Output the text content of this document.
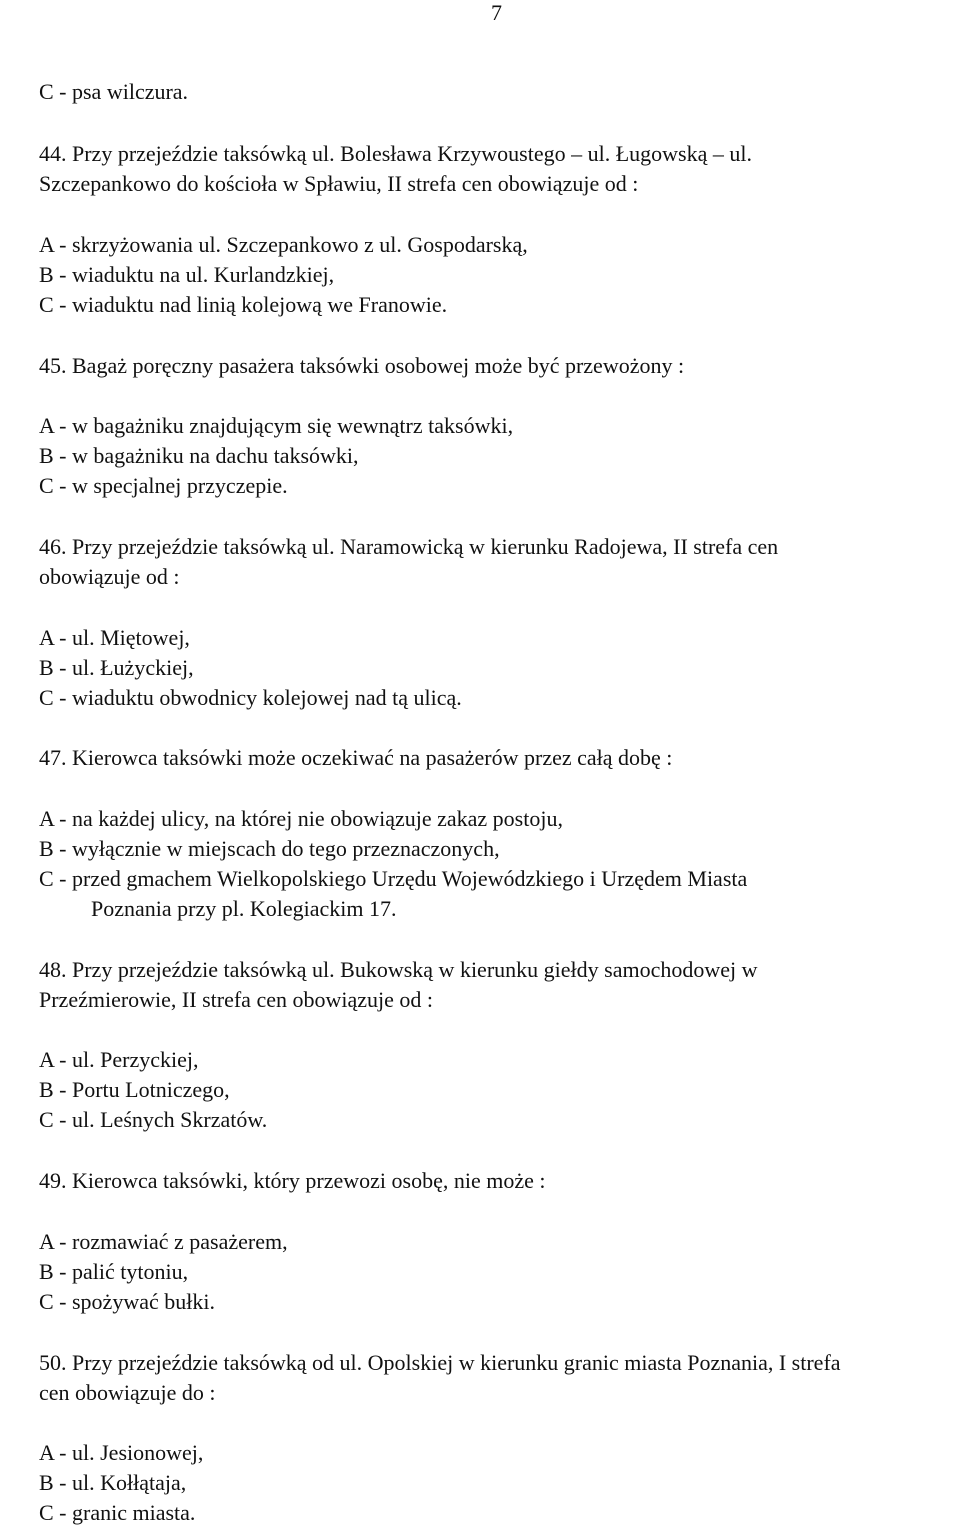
7
C - psa wilczura.
44. Przy przejeździe taksówką ul. Bolesława Krzywoustego – ul. Ługowską – ul.
Szczepankowo do kościoła w Spławiu, II strefa cen obowiązuje od :
A - skrzyżowania ul. Szczepankowo z ul. Gospodarską,
B - wiaduktu na ul. Kurlandzkiej,
C - wiaduktu nad linią kolejową we Franowie.
45. Bagaż poręczny pasażera taksówki osobowej może być przewożony :
A - w bagażniku znajdującym się wewnątrz taksówki,
B - w bagażniku na dachu taksówki,
C - w specjalnej przyczepie.
46. Przy przejeździe taksówką ul. Naramowicką w kierunku Radojewa, II strefa cen
obowiązuje od :
A - ul. Miętowej,
B - ul. Łużyckiej,
C - wiaduktu obwodnicy kolejowej nad tą ulicą.
47. Kierowca taksówki może oczekiwać na pasażerów przez całą dobę :
A - na każdej ulicy, na której nie obowiązuje zakaz postoju,
B - wyłącznie w miejscach do tego przeznaczonych,
C - przed gmachem Wielkopolskiego Urzędu Wojewódzkiego i Urzędem Miasta
Poznania przy pl. Kolegiackim 17.
48. Przy przejeździe taksówką ul. Bukowską w kierunku giełdy samochodowej w
Przeźmierowie, II strefa cen obowiązuje od :
A - ul. Perzyckiej,
B - Portu Lotniczego,
C - ul. Leśnych Skrzatów.
49. Kierowca taksówki, który przewozi osobę, nie może :
A - rozmawiać z pasażerem,
B - palić tytoniu,
C - spożywać bułki.
50. Przy przejeździe taksówką od ul. Opolskiej w kierunku granic miasta Poznania, I strefa
cen obowiązuje do :
A - ul. Jesionowej,
B - ul. Kołłątaja,
C - granic miasta.
